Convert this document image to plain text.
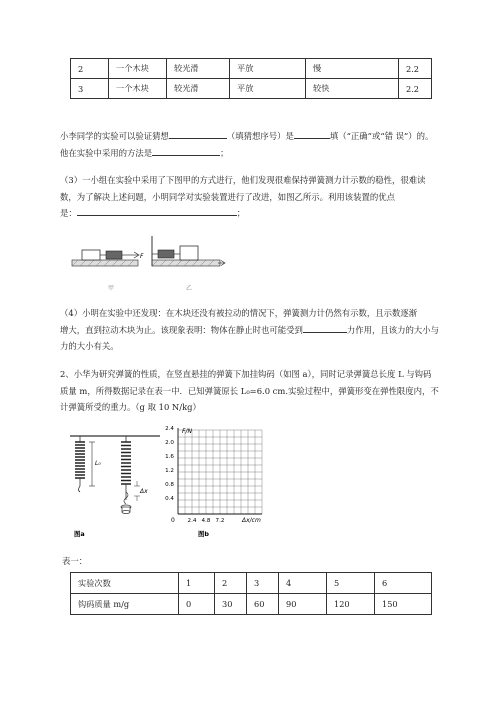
2	一个木块	较光滑	平放	慢	2.2
3	一个木块	较光滑	平放	较快	2.2
小李同学的实验可以验证猜想	（填猜想序号）是	填（“正确”或“错 误”）的。
他在实验中采用的方法是	；
（3）一小组在实验中采用了下图甲的方式进行，他们发现很难保持弹簧测力计示数的稳性，很难读
数，为了解决上述问题，小明同学对实验装置进行了改进，如图乙所示。利用该装置的优点
是：	；
F
甲	乙
（4）小明在实验中还发现：在木块还没有被拉动的情况下，弹簧测力计仍然有示数，且示数逐渐
增大，直到拉动木块为止。该现象表明：物体在静止时也可能受到	力作用，且该力的大小与
力的大小有关。
2、小华为研究弹簧的性质，在竖直悬挂的弹簧下加挂钩码（如图 a），同时记录弹簧总长度 L 与钩码
质量 m，所得数据记录在表一中．已知弹簧原长 L₀=6.0 cm.实验过程中，弹簧形变在弹性限度内，不
计弹簧所受的重力。（g 取 10 N/kg）
L₀
Δx
图a
F/N
0
2.4
2.0
1.6
1.2
0.8
0.4
2.4 4.8 7.2	Δx/cm
图b
表一：
实验次数	1	2	3	4	5	6
钩码质量 m/g	0	30	60	90	120	150
